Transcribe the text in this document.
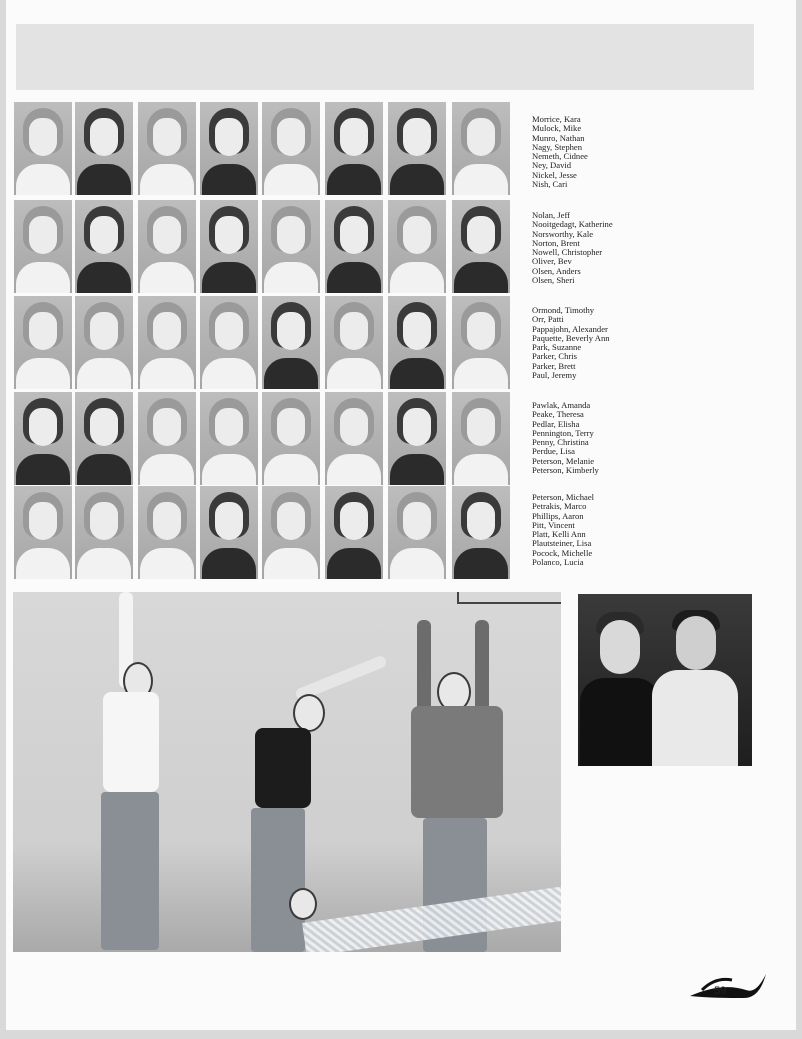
Morrice, Kara
Mulock, Mike
Munro, Nathan
Nagy, Stephen
Nemeth, Cidnee
Ney, David
Nickel, Jesse
Nish, Cari
Nolan, Jeff
Nooitgedagt, Katherine
Norsworthy, Kale
Norton, Brent
Nowell, Christopher
Oliver, Bev
Olsen, Anders
Olsen, Sheri
Ormond, Timothy
Orr, Patti
Pappajohn, Alexander
Paquette, Beverly Ann
Park, Suzanne
Parker, Chris
Parker, Brett
Paul, Jeremy
Pawlak, Amanda
Peake, Theresa
Pedlar, Elisha
Pennington, Terry
Penny, Christina
Perdue, Lisa
Peterson, Melanie
Peterson, Kimberly
Peterson, Michael
Petrakis, Marco
Phillips, Aaron
Pitt, Vincent
Platt, Kelli Ann
Plautsteiner, Lisa
Pocock, Michelle
Polanco, Lucia
59
